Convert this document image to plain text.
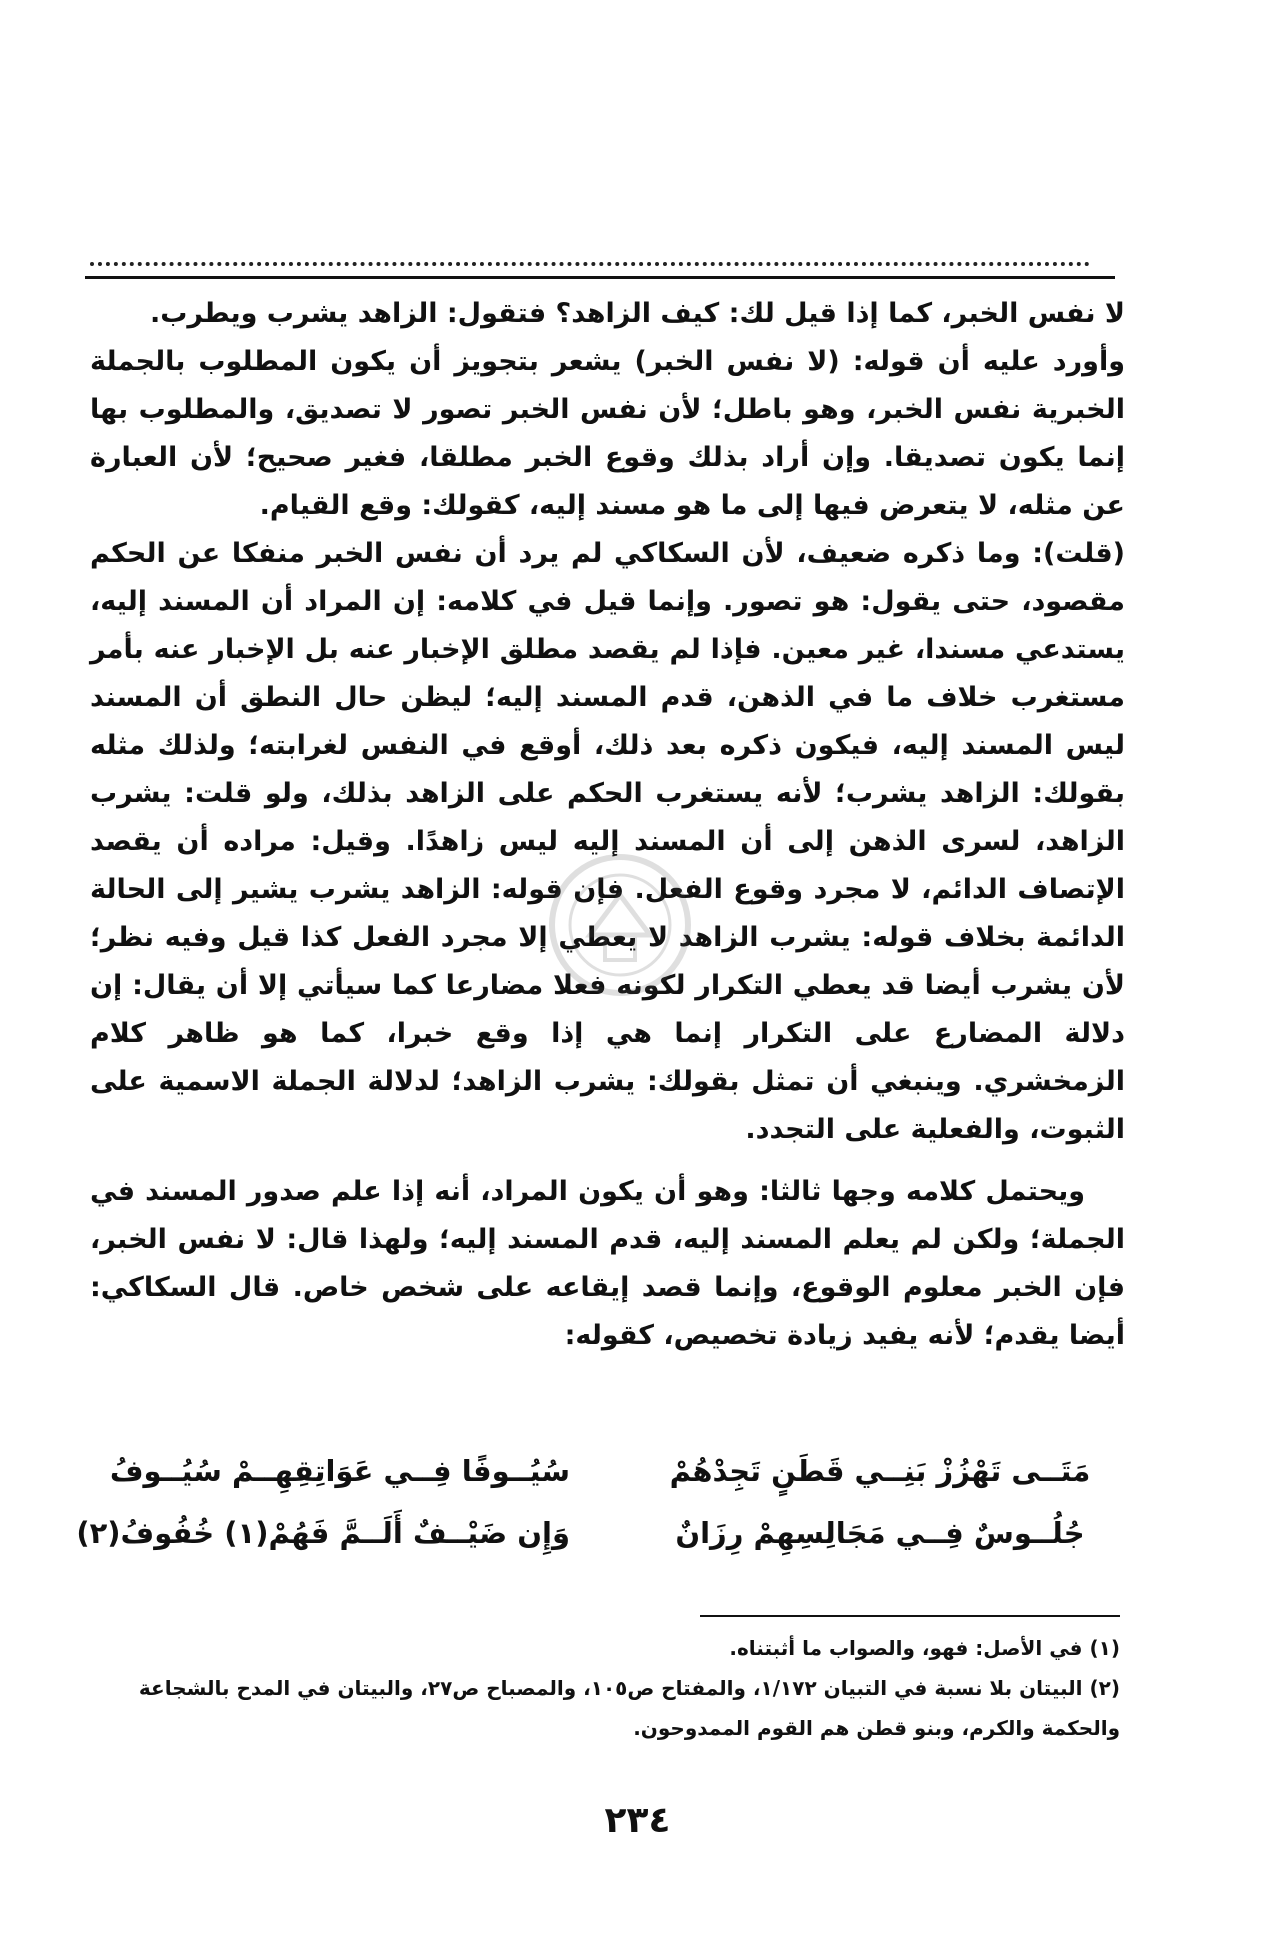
لا نفس الخبر، كما إذا قيل لك: كيف الزاهد؟ فتقول: الزاهد يشرب ويطرب.

وأورد عليه أن قوله: (لا نفس الخبر) يشعر بتجويز أن يكون المطلوب بالجملة الخبرية نفس الخبر، وهو باطل؛ لأن نفس الخبر تصور لا تصديق، والمطلوب بها إنما يكون تصديقا. وإن أراد بذلك وقوع الخبر مطلقا، فغير صحيح؛ لأن العبارة عن مثله، لا يتعرض فيها إلى ما هو مسند إليه، كقولك: وقع القيام.

(قلت): وما ذكره ضعيف، لأن السكاكي لم يرد أن نفس الخبر منفكا عن الحكم مقصود، حتى يقول: هو تصور. وإنما قيل في كلامه: إن المراد أن المسند إليه، يستدعي مسندا، غير معين. فإذا لم يقصد مطلق الإخبار عنه بل الإخبار عنه بأمر مستغرب خلاف ما في الذهن، قدم المسند إليه؛ ليظن حال النطق أن المسند ليس المسند إليه، فيكون ذكره بعد ذلك، أوقع في النفس لغرابته؛ ولذلك مثله بقولك: الزاهد يشرب؛ لأنه يستغرب الحكم على الزاهد بذلك، ولو قلت: يشرب الزاهد، لسرى الذهن إلى أن المسند إليه ليس زاهدًا. وقيل: مراده أن يقصد الإتصاف الدائم، لا مجرد وقوع الفعل. فإن قوله: الزاهد يشرب يشير إلى الحالة الدائمة بخلاف قوله: يشرب الزاهد لا يعطي إلا مجرد الفعل كذا قيل وفيه نظر؛ لأن يشرب أيضا قد يعطي التكرار لكونه فعلا مضارعا كما سيأتي إلا أن يقال: إن دلالة المضارع على التكرار إنما هي إذا وقع خبرا، كما هو ظاهر كلام الزمخشري. وينبغي أن تمثل بقولك: يشرب الزاهد؛ لدلالة الجملة الاسمية على الثبوت، والفعلية على التجدد.

ويحتمل كلامه وجها ثالثا: وهو أن يكون المراد، أنه إذا علم صدور المسند في الجملة؛ ولكن لم يعلم المسند إليه، قدم المسند إليه؛ ولهذا قال: لا نفس الخبر، فإن الخبر معلوم الوقوع، وإنما قصد إيقاعه على شخص خاص. قال السكاكي: أيضا يقدم؛ لأنه يفيد زيادة تخصيص، كقوله:

مَتَــى تَهْزُزْ بَنِــي قَطَنٍ تَجِدْهُمْ
سُيُــوفًا فِــي عَوَاتِقِهِــمْ سُيُــوفُ
جُلُــوسٌ فِــي مَجَالِسِهِمْ رِزَانٌ
وَإِن ضَيْــفٌ أَلَــمَّ فَهُمْ(١) خُفُوفُ(٢)

(١) في الأصل: فهو، والصواب ما أثبتناه.

(٢) البيتان بلا نسبة في التبيان ١/١٧٢، والمفتاح ص١٠٥، والمصباح ص٢٧، والبيتان في المدح بالشجاعة والحكمة والكرم، وبنو قطن هم القوم الممدوحون.

٢٣٤
